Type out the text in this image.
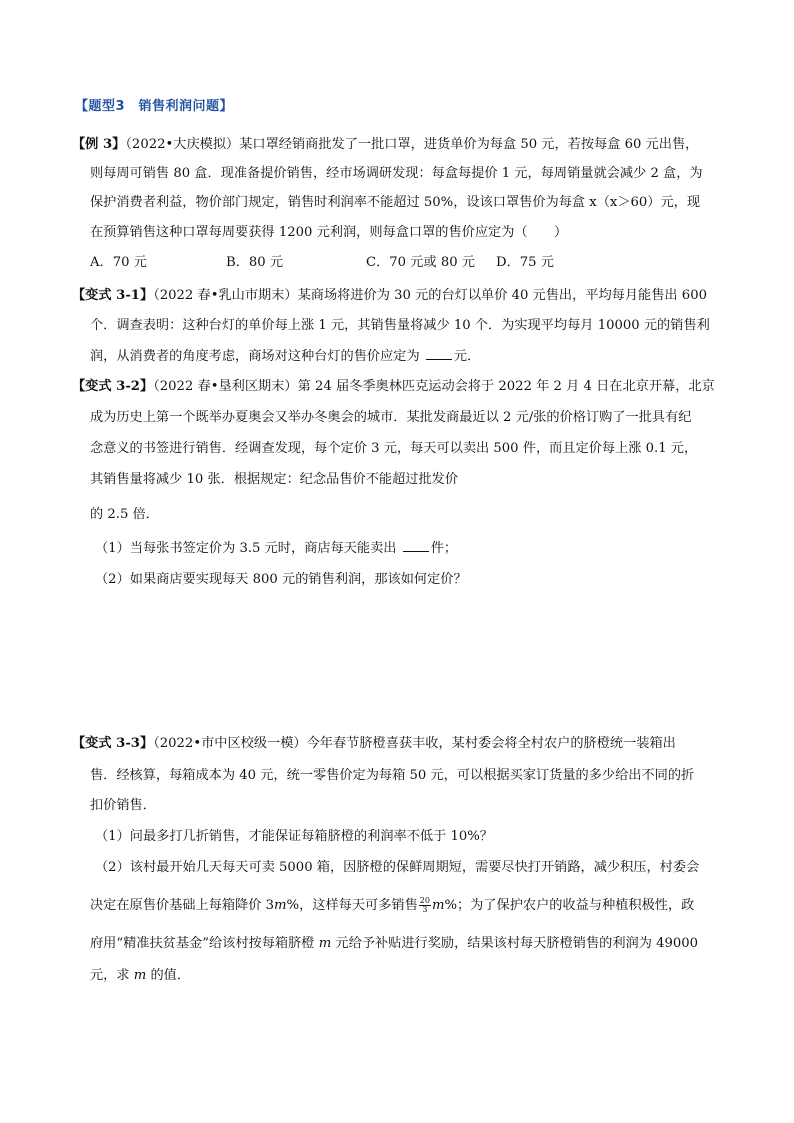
【题型3　销售利润问题】
【例 3】（2022•大庆模拟）某口罩经销商批发了一批口罩，进货单价为每盒 50 元，若按每盒 60 元出售，
则每周可销售 80 盒．现准备提价销售，经市场调研发现：每盒每提价 1 元，每周销量就会减少 2 盒，为
保护消费者利益，物价部门规定，销售时利润率不能超过 50%，设该口罩售价为每盒 x（x＞60）元，现
在预算销售这种口罩每周要获得 1200 元利润，则每盒口罩的售价应定为（　　）
A．70 元	B．80 元	C．70 元或 80 元 D．75 元
【变式 3-1】（2022 春•乳山市期末）某商场将进价为 30 元的台灯以单价 40 元售出，平均每月能售出 600
个．调查表明：这种台灯的单价每上涨 1 元，其销售量将减少 10 个．为实现平均每月 10000 元的销售利
润，从消费者的角度考虑，商场对这种台灯的售价应定为 元．
【变式 3-2】（2022 春•垦利区期末）第 24 届冬季奥林匹克运动会将于 2022 年 2 月 4 日在北京开幕，北京
成为历史上第一个既举办夏奥会又举办冬奥会的城市．某批发商最近以 2 元/张的价格订购了一批具有纪
念意义的书签进行销售．经调查发现，每个定价 3 元，每天可以卖出 500 件，而且定价每上涨 0.1 元，
其销售量将减少 10 张．根据规定：纪念品售价不能超过批发价
的 2.5 倍．
（1）当每张书签定价为 3.5 元时，商店每天能卖出 件；
（2）如果商店要实现每天 800 元的销售利润，那该如何定价？
【变式 3-3】（2022•市中区校级一模）今年春节脐橙喜获丰收，某村委会将全村农户的脐橙统一装箱出
售．经核算，每箱成本为 40 元，统一零售价定为每箱 50 元，可以根据买家订货量的多少给出不同的折
扣价销售．
（1）问最多打几折销售，才能保证每箱脐橙的利润率不低于 10%？
（2）该村最开始几天每天可卖 5000 箱，因脐橙的保鲜周期短，需要尽快打开销路，减少积压，村委会
决定在原售价基础上每箱降价 3m%，这样每天可多销售 $\frac{20}{3} m\%$；为了保护农户的收益与种植积极性，政
府用“精准扶贫基金”给该村按每箱脐橙 m 元给予补贴进行奖励，结果该村每天脐橙销售的利润为 49000
元，求 m 的值．
